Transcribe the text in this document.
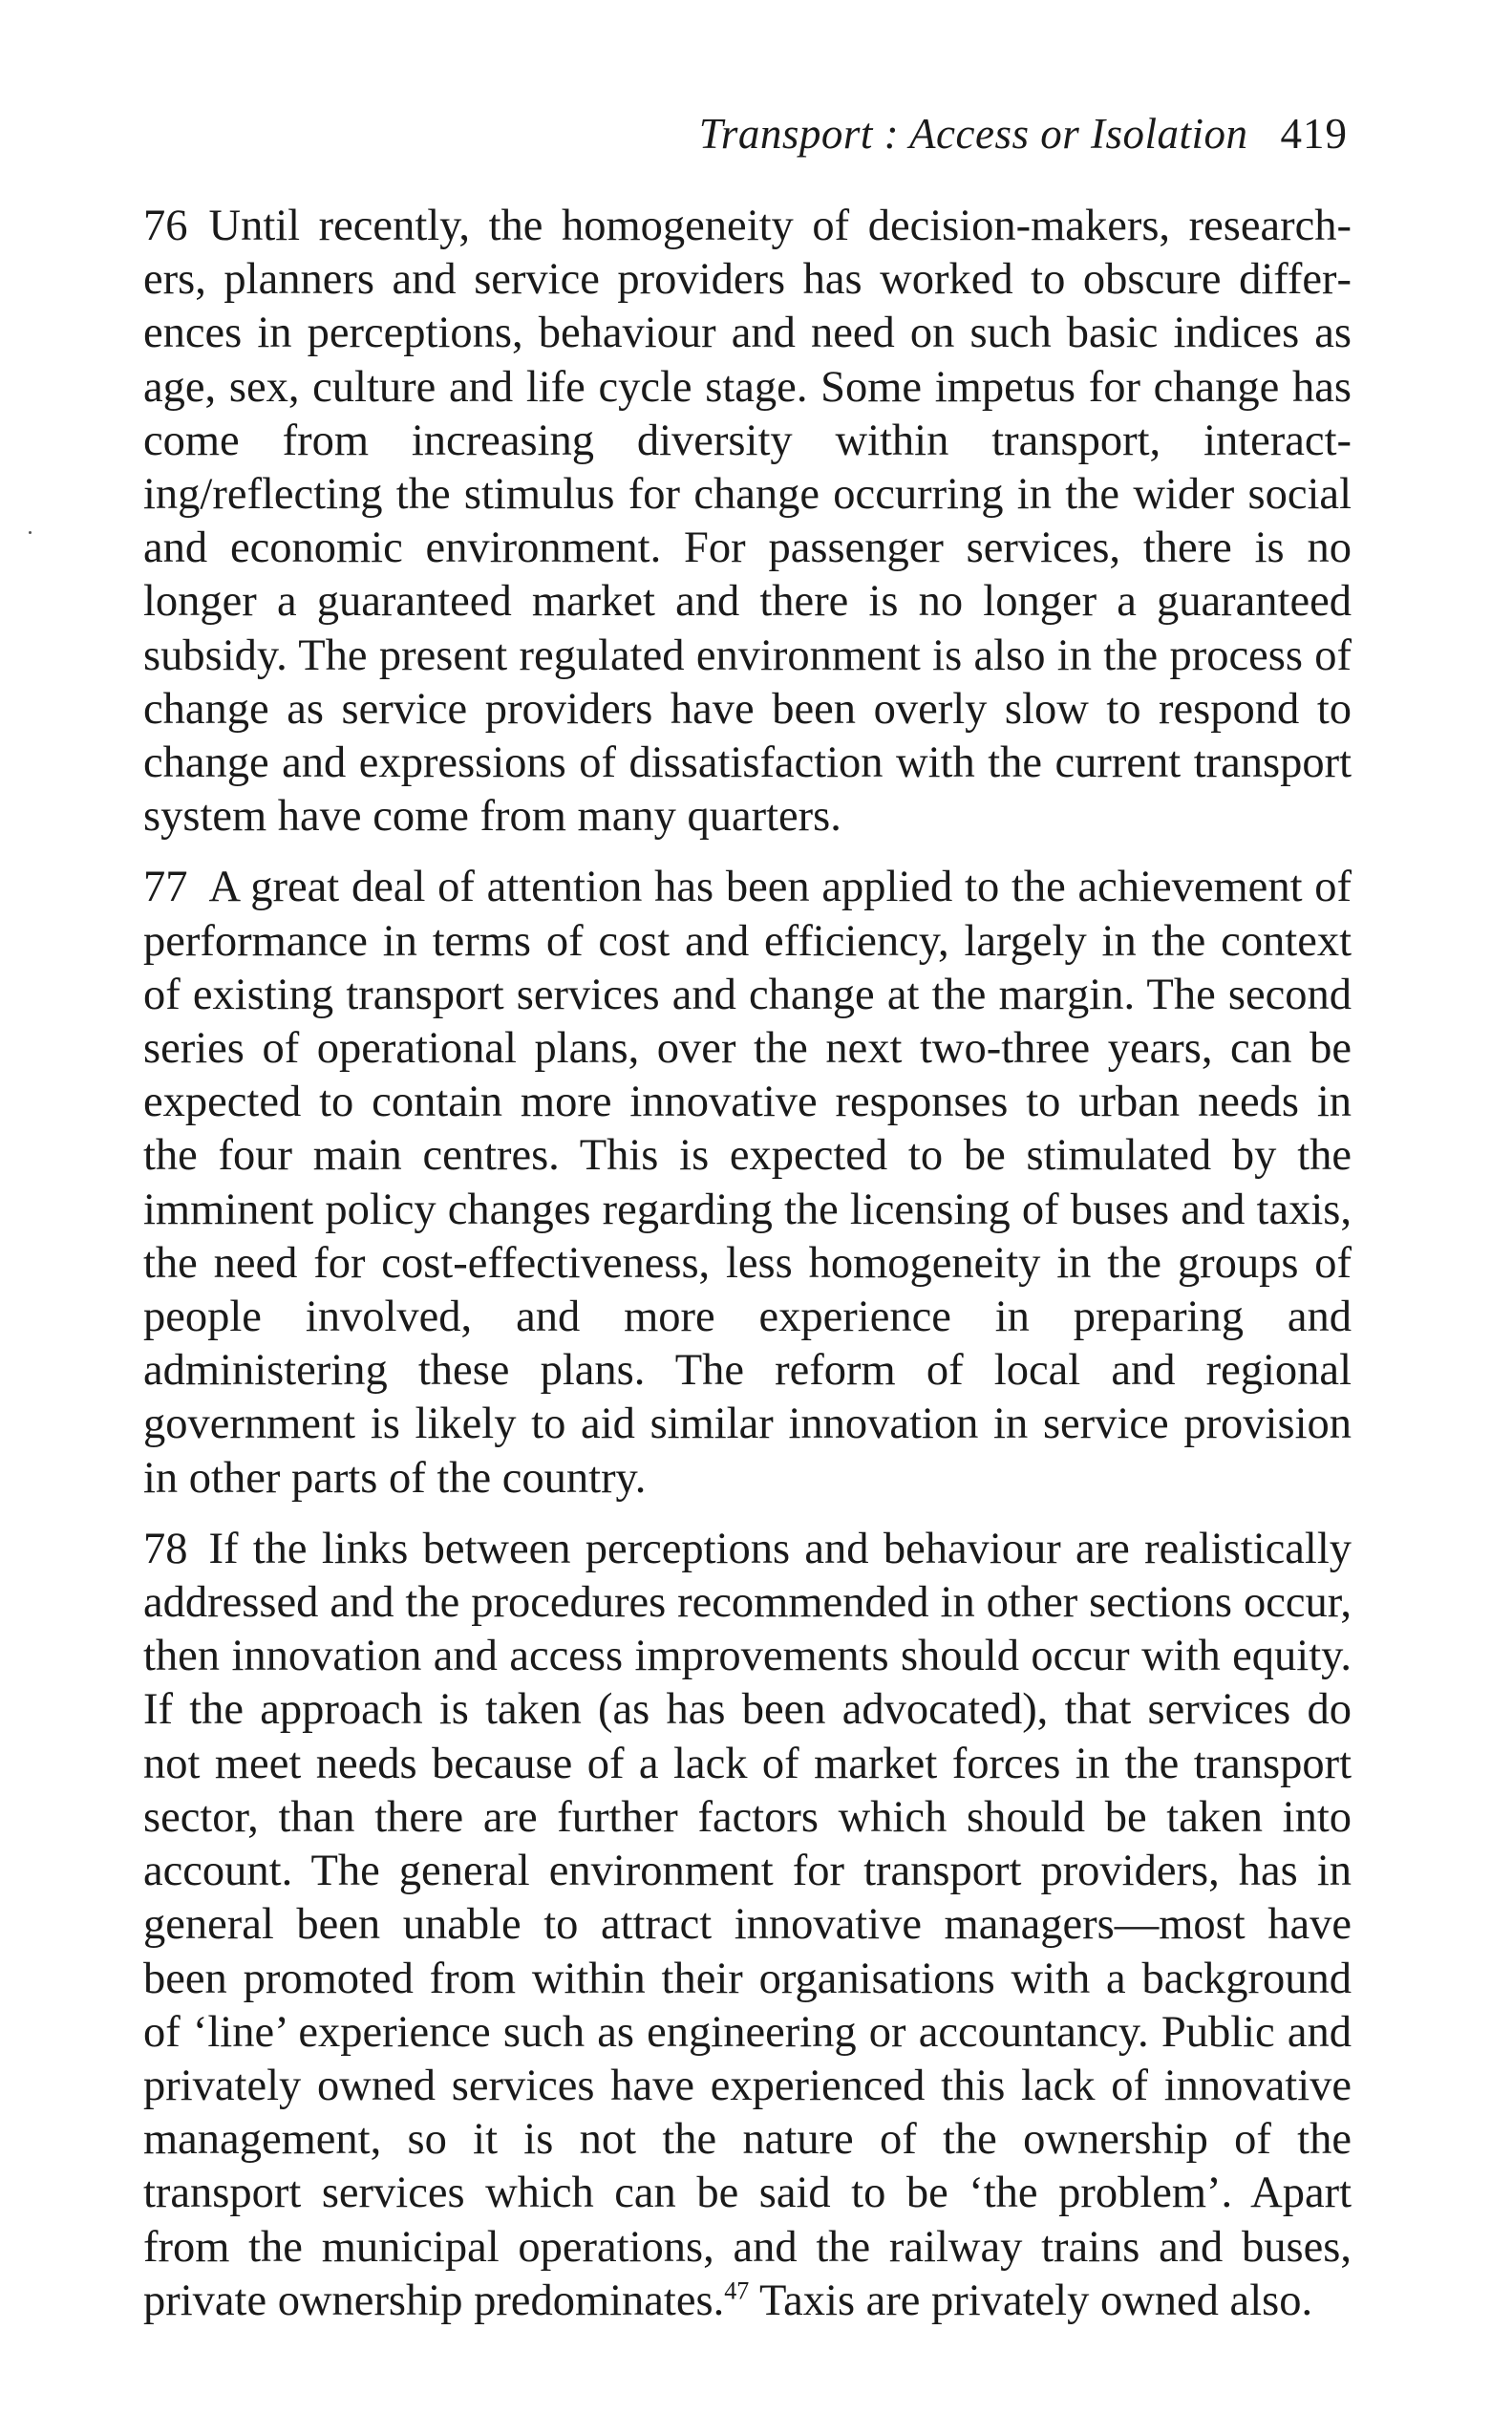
Transport : Access or Isolation 419

76 Until recently, the homogeneity of decision-makers, researchers, planners and service providers has worked to obscure differences in perceptions, behaviour and need on such basic indices as age, sex, culture and life cycle stage. Some impetus for change has come from increasing diversity within transport, interacting/reflecting the stimulus for change occurring in the wider social and economic environment. For passenger services, there is no longer a guaranteed market and there is no longer a guaranteed subsidy. The present regulated environment is also in the process of change as service providers have been overly slow to respond to change and expressions of dissatisfaction with the current transport system have come from many quarters.

77 A great deal of attention has been applied to the achievement of performance in terms of cost and efficiency, largely in the context of existing transport services and change at the margin. The second series of operational plans, over the next two-three years, can be expected to contain more innovative responses to urban needs in the four main centres. This is expected to be stimulated by the imminent policy changes regarding the licensing of buses and taxis, the need for cost-effectiveness, less homogeneity in the groups of people involved, and more experience in preparing and administering these plans. The reform of local and regional government is likely to aid similar innovation in service provision in other parts of the country.

78 If the links between perceptions and behaviour are realistically addressed and the procedures recommended in other sections occur, then innovation and access improvements should occur with equity. If the approach is taken (as has been advocated), that services do not meet needs because of a lack of market forces in the transport sector, than there are further factors which should be taken into account. The general environment for transport providers, has in general been unable to attract innovative managers—most have been promoted from within their organisations with a background of ‘line’ experience such as engineering or accountancy. Public and privately owned services have experienced this lack of innovative management, so it is not the nature of the ownership of the transport services which can be said to be ‘the problem’. Apart from the municipal operations, and the railway trains and buses, private ownership predominates.$^{47}$ Taxis are privately owned also.
